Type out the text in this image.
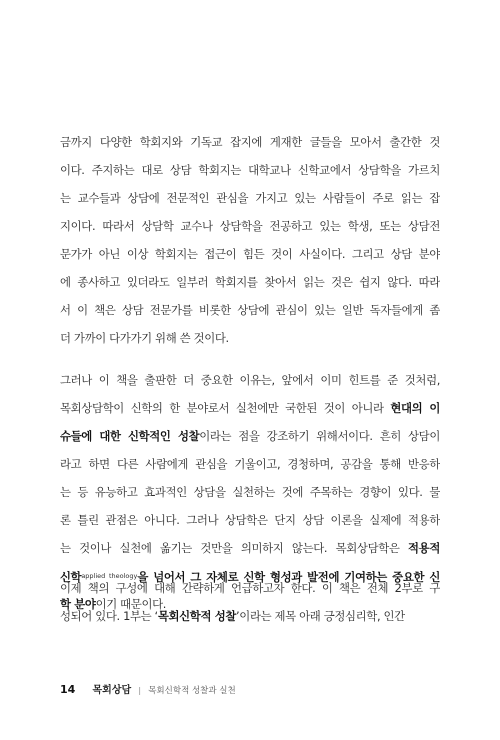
금까지 다양한 학회지와 기독교 잡지에 게재한 글들을 모아서 출간한 것
이다. 주지하는 대로 상담 학회지는 대학교나 신학교에서 상담학을 가르치
는 교수들과 상담에 전문적인 관심을 가지고 있는 사람들이 주로 읽는 잡
지이다. 따라서 상담학 교수나 상담학을 전공하고 있는 학생, 또는 상담전
문가가 아닌 이상 학회지는 접근이 힘든 것이 사실이다. 그리고 상담 분야
에 종사하고 있더라도 일부러 학회지를 찾아서 읽는 것은 쉽지 않다. 따라
서 이 책은 상담 전문가를 비롯한 상담에 관심이 있는 일반 독자들에게 좀
더 가까이 다가가기 위해 쓴 것이다.
그러나 이 책을 출판한 더 중요한 이유는, 앞에서 이미 힌트를 준 것처럼,
목회상담학이 신학의 한 분야로서 실천에만 국한된 것이 아니라 현대의 이
슈들에 대한 신학적인 성찰이라는 점을 강조하기 위해서이다. 흔히 상담이
라고 하면 다른 사람에게 관심을 기울이고, 경청하며, 공감을 통해 반응하
는 등 유능하고 효과적인 상담을 실천하는 것에 주목하는 경향이 있다. 물
론 틀린 관점은 아니다. 그러나 상담학은 단지 상담 이론을 실제에 적용하
는 것이나 실천에 옮기는 것만을 의미하지 않는다. 목회상담학은 적용적
신학$^{applied theology}$을 넘어서 그 자체로 신학 형성과 발전에 기여하는 중요한 신
학 분야이기 때문이다.
이제 책의 구성에 대해 간략하게 언급하고자 한다. 이 책은 전체 2부로 구
성되어 있다. 1부는 ‘목회신학적 성찰’이라는 제목 아래 긍정심리학, 인간
14 목회상담 | 목회신학적 성찰과 실천
